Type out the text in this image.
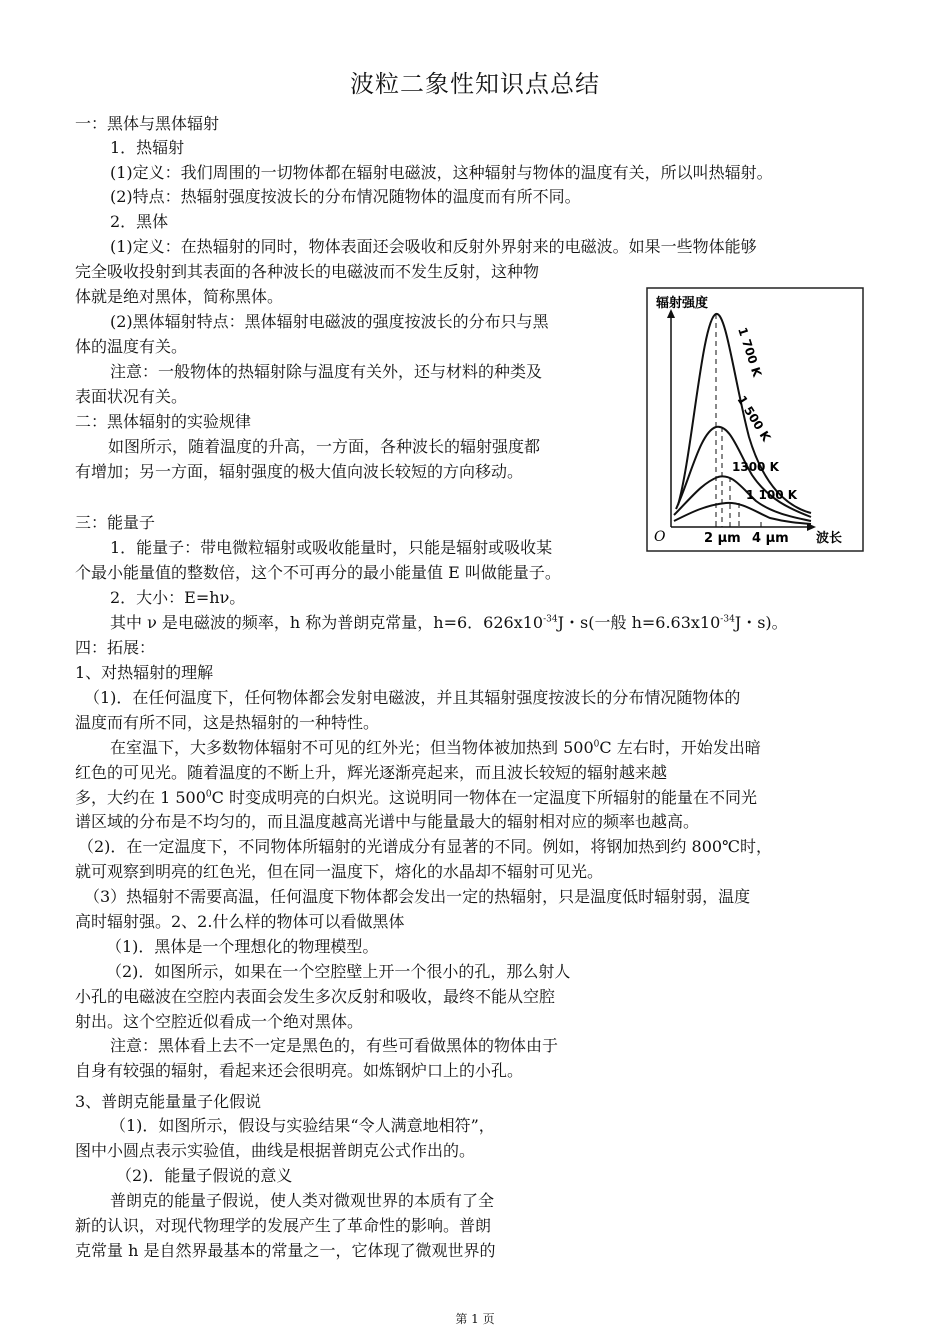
波粒二象性知识点总结
一：黑体与黑体辐射
1．热辐射
(1)定义：我们周围的一切物体都在辐射电磁波，这种辐射与物体的温度有关，所以叫热辐射。
(2)特点：热辐射强度按波长的分布情况随物体的温度而有所不同。
2．黑体
(1)定义：在热辐射的同时，物体表面还会吸收和反射外界射来的电磁波。如果一些物体能够
完全吸收投射到其表面的各种波长的电磁波而不发生反射，这种物
体就是绝对黑体，简称黑体。
(2)黑体辐射特点：黑体辐射电磁波的强度按波长的分布只与黑
体的温度有关。
注意：一般物体的热辐射除与温度有关外，还与材料的种类及
表面状况有关。
二：黑体辐射的实验规律
如图所示，随着温度的升高，一方面，各种波长的辐射强度都
有增加；另一方面，辐射强度的极大值向波长较短的方向移动。
三：能量子
1．能量子：带电微粒辐射或吸收能量时，只能是辐射或吸收某
个最小能量值的整数倍，这个不可再分的最小能量值 E 叫做能量子。
2．大小：E=hν。
其中 ν 是电磁波的频率，h 称为普朗克常量，h=6．$626x10^{-34}J$・s(一般 $h=6.63x10^{-34}J$・s)。
四：拓展：
1、对热辐射的理解
（1)．在任何温度下，任何物体都会发射电磁波，并且其辐射强度按波长的分布情况随物体的
温度而有所不同，这是热辐射的一种特性。
在室温下，大多数物体辐射不可见的红外光；但当物体被加热到 $500^0C$ 左右时，开始发出暗
红色的可见光。随着温度的不断上升，辉光逐渐亮起来，而且波长较短的辐射越来越
多，大约在 1 $500^0C$ 时变成明亮的白炽光。这说明同一物体在一定温度下所辐射的能量在不同光
谱区域的分布是不均匀的，而且温度越高光谱中与能量最大的辐射相对应的频率也越高。
（2)．在一定温度下，不同物体所辐射的光谱成分有显著的不同。例如，将钢加热到约 800℃时，
就可观察到明亮的红色光，但在同一温度下，熔化的水晶却不辐射可见光。
（3）热辐射不需要高温，任何温度下物体都会发出一定的热辐射，只是温度低时辐射弱，温度
高时辐射强。2、2.什么样的物体可以看做黑体
（1)．黑体是一个理想化的物理模型。
（2)．如图所示，如果在一个空腔壁上开一个很小的孔，那么射人
小孔的电磁波在空腔内表面会发生多次反射和吸收，最终不能从空腔
射出。这个空腔近似看成一个绝对黑体。
注意：黑体看上去不一定是黑色的，有些可看做黑体的物体由于
自身有较强的辐射，看起来还会很明亮。如炼钢炉口上的小孔。
3、普朗克能量量子化假说
（1)．如图所示，假设与实验结果“令人满意地相符”，
图中小圆点表示实验值，曲线是根据普朗克公式作出的。
（2)．能量子假说的意义
普朗克的能量子假说，使人类对微观世界的本质有了全
新的认识，对现代物理学的发展产生了革命性的影响。普朗
克常量 h 是自然界最基本的常量之一，它体现了微观世界的
辐射强度
波长
O	2 μm 4 μm
1 700 K
1 500 K
1300 K
1 100 K
第 1 页
